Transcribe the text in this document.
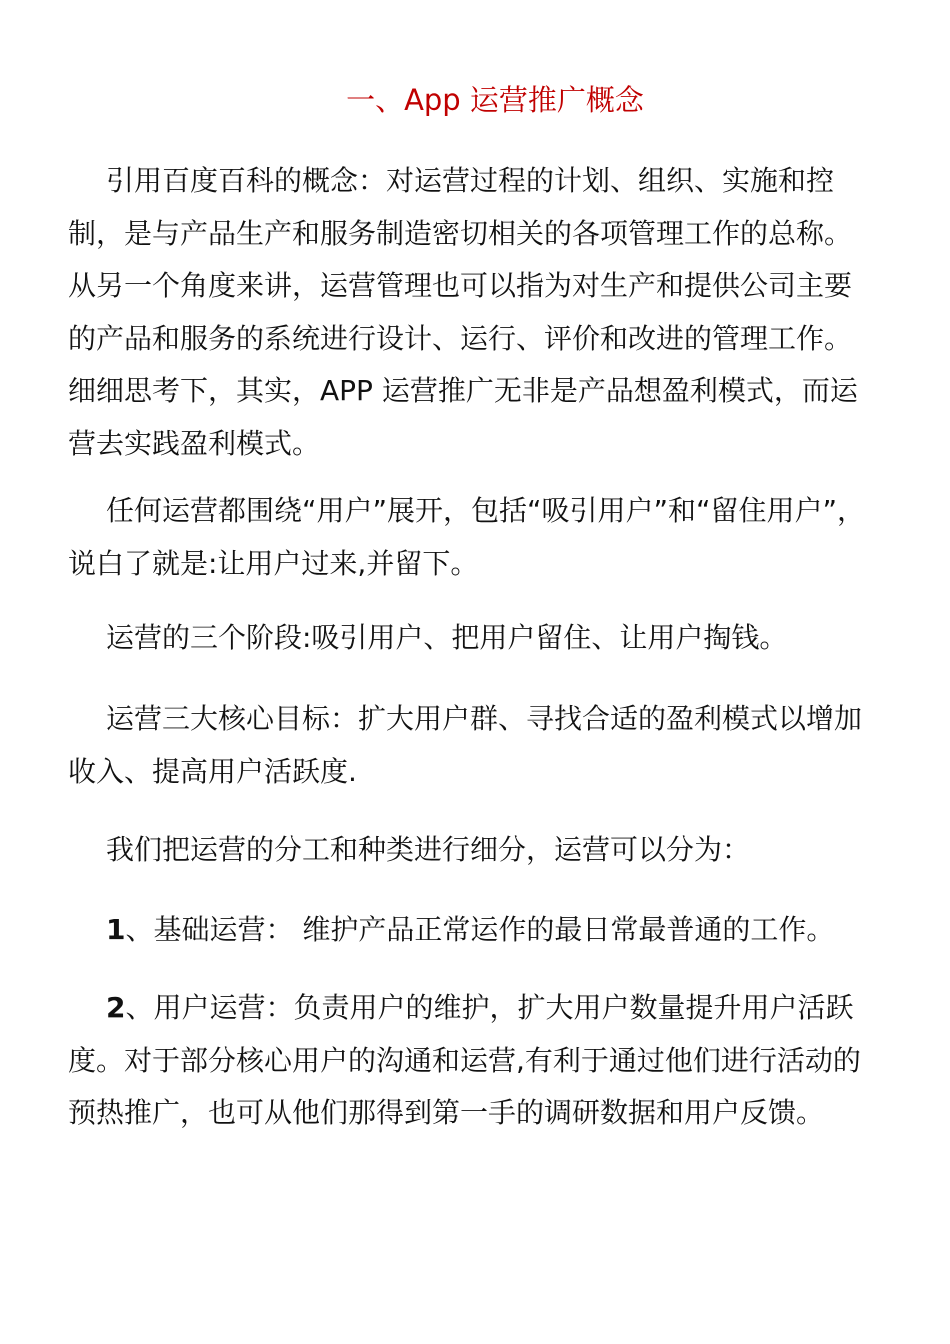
一、App 运营推广概念

引用百度百科的概念：对运营过程的计划、组织、实施和控制，是与产品生产和服务制造密切相关的各项管理工作的总称。从另一个角度来讲，运营管理也可以指为对生产和提供公司主要的产品和服务的系统进行设计、运行、评价和改进的管理工作。细细思考下，其实，APP 运营推广无非是产品想盈利模式，而运营去实践盈利模式。

任何运营都围绕“用户”展开，包括“吸引用户”和“留住用户”，说白了就是:让用户过来,并留下。

运营的三个阶段:吸引用户、把用户留住、让用户掏钱。

运营三大核心目标：扩大用户群、寻找合适的盈利模式以增加收入、提高用户活跃度.

我们把运营的分工和种类进行细分，运营可以分为：

1、基础运营： 维护产品正常运作的最日常最普通的工作。

2、用户运营：负责用户的维护，扩大用户数量提升用户活跃度。对于部分核心用户的沟通和运营,有利于通过他们进行活动的预热推广，也可从他们那得到第一手的调研数据和用户反馈。
